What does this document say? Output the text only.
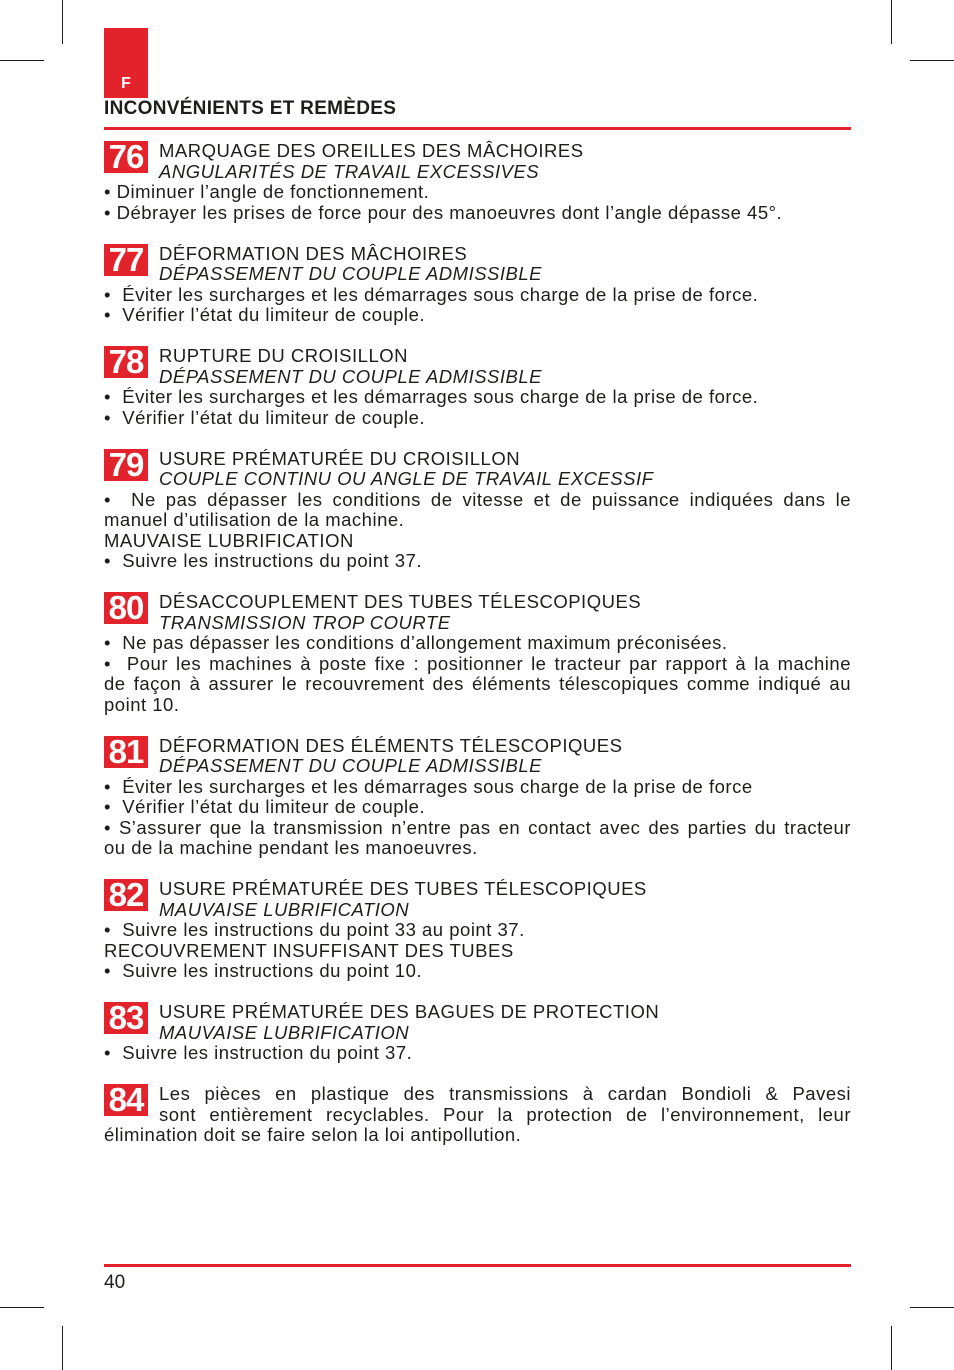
F
INCONVÉNIENTS ET REMÈDES
76 MARQUAGE DES OREILLES DES MÂCHOIRES
ANGULARITÉS DE TRAVAIL EXCESSIVES
• Diminuer l’angle de fonctionnement.
• Débrayer les prises de force pour des manoeuvres dont l’angle dépasse 45°.
77 DÉFORMATION DES MÂCHOIRES
DÉPASSEMENT DU COUPLE ADMISSIBLE
•  Éviter les surcharges et les démarrages sous charge de la prise de force.
•  Vérifier l’état du limiteur de couple.
78 RUPTURE DU CROISILLON
DÉPASSEMENT DU COUPLE ADMISSIBLE
•  Éviter les surcharges et les démarrages sous charge de la prise de force.
•  Vérifier l’état du limiteur de couple.
79 USURE PRÉMATURÉE DU CROISILLON
COUPLE CONTINU OU ANGLE DE TRAVAIL EXCESSIF
•  Ne pas dépasser les conditions de vitesse et de puissance indiquées dans le
manuel d’utilisation de la machine.
MAUVAISE LUBRIFICATION
•  Suivre les instructions du point 37.
80 DÉSACCOUPLEMENT DES TUBES TÉLESCOPIQUES
TRANSMISSION TROP COURTE
•  Ne pas dépasser les conditions d’allongement maximum préconisées.
•  Pour les machines à poste fixe : positionner le tracteur par rapport à la machine
de façon à assurer le recouvrement des éléments télescopiques comme indiqué au
point 10.
81 DÉFORMATION DES ÉLÉMENTS TÉLESCOPIQUES
DÉPASSEMENT DU COUPLE ADMISSIBLE
•  Éviter les surcharges et les démarrages sous charge de la prise de force
•  Vérifier l’état du limiteur de couple.
• S’assurer que la transmission n’entre pas en contact avec des parties du tracteur
ou de la machine pendant les manoeuvres.
82 USURE PRÉMATURÉE DES TUBES TÉLESCOPIQUES
MAUVAISE LUBRIFICATION
•  Suivre les instructions du point 33 au point 37.
RECOUVREMENT INSUFFISANT DES TUBES
•  Suivre les instructions du point 10.
83 USURE PRÉMATURÉE DES BAGUES DE PROTECTION
MAUVAISE LUBRIFICATION
•  Suivre les instruction du point 37.
84 Les pièces en plastique des transmissions à cardan Bondioli & Pavesi
sont entièrement recyclables. Pour la protection de l’environnement, leur
élimination doit se faire selon la loi antipollution.
40
